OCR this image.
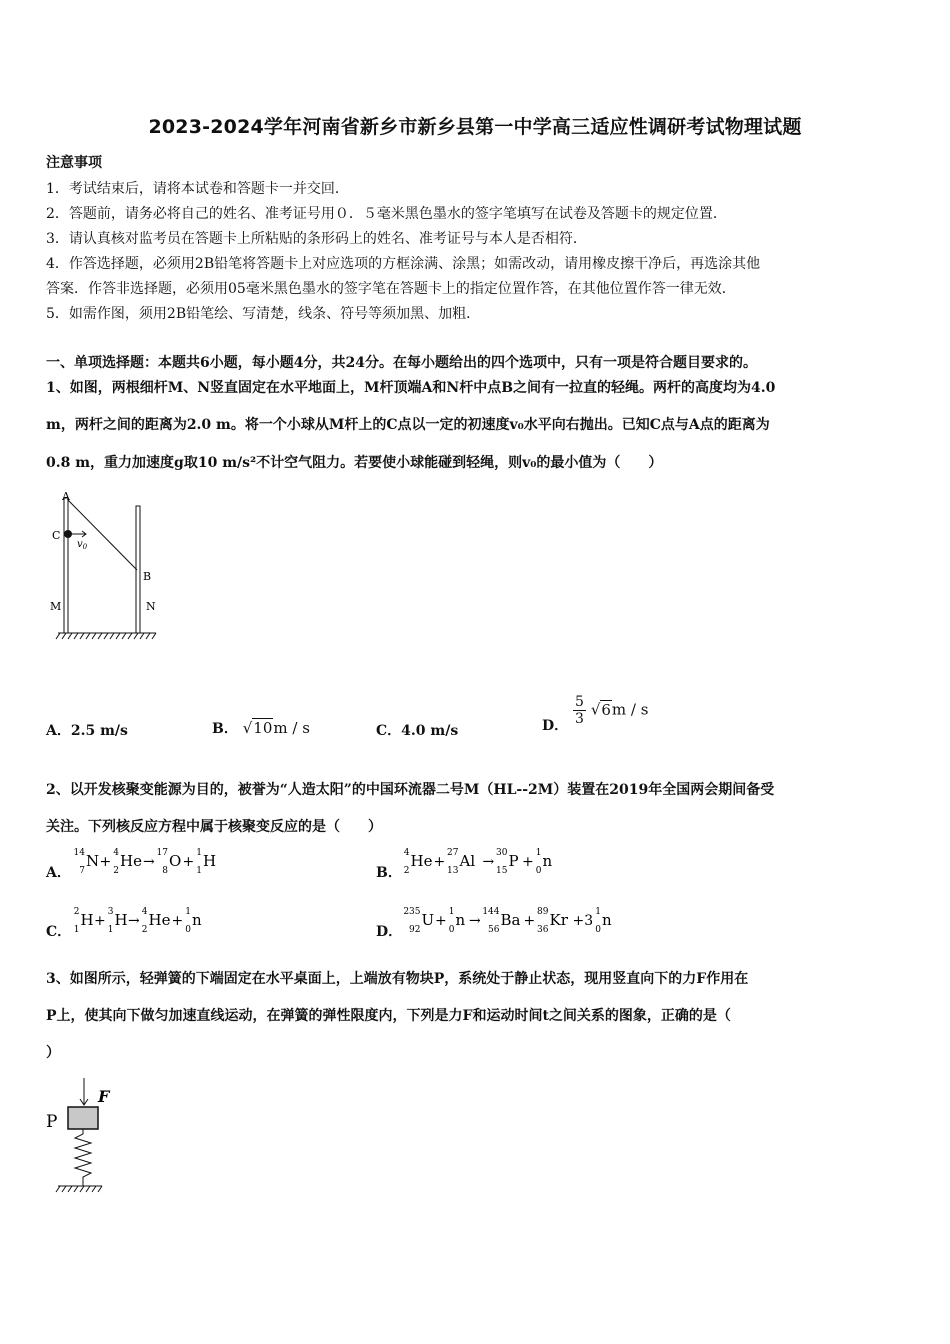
2023-2024学年河南省新乡市新乡县第一中学高三适应性调研考试物理试题
注意事项
1．考试结束后，请将本试卷和答题卡一并交回．
2．答题前，请务必将自己的姓名、准考证号用０．５毫米黑色墨水的签字笔填写在试卷及答题卡的规定位置．
3．请认真核对监考员在答题卡上所粘贴的条形码上的姓名、准考证号与本人是否相符．
4．作答选择题，必须用2B铅笔将答题卡上对应选项的方框涂满、涂黑；如需改动，请用橡皮擦干净后，再选涂其他
答案．作答非选择题，必须用05毫米黑色墨水的签字笔在答题卡上的指定位置作答，在其他位置作答一律无效．
5．如需作图，须用2B铅笔绘、写清楚，线条、符号等须加黑、加粗．
一、单项选择题：本题共6小题，每小题4分，共24分。在每小题给出的四个选项中，只有一项是符合题目要求的。
1、如图，两根细杆M、N竖直固定在水平地面上，M杆顶端A和N杆中点B之间有一拉直的轻绳。两杆的高度均为4.0
m，两杆之间的距离为2.0 m。将一个小球从M杆上的C点以一定的初速度v₀水平向右抛出。已知C点与A点的距离为
0.8 m，重力加速度g取10 m/s²不计空气阻力。若要使小球能碰到轻绳，则v₀的最小值为（　　）
A
C
$v_0$
B
M	N
A．2.5 m/s	B． √10m / s	C．4.0 m/s	D． $\frac{5}{3} √6m$ / s
2、以开发核聚变能源为目的，被誉为“人造太阳”的中国环流器二号M（HL--2M）装置在2019年全国两会期间备受
关注。下列核反应方程中属于核聚变反应的是（　　）
A．	B．
C．	D．
14
7
N +
4
2
He →
17
8
O +
1
1
H	4
2
He +
27
13
Al →
30
15
P +
1
0
n
2
1
H +
3
1
H →
4
2
He +
1
0
n	235
92
U +
1
0
n →
144
56
Ba +
89
36
Kr +3
1
0
n
3、如图所示，轻弹簧的下端固定在水平桌面上，上端放有物块P，系统处于静止状态，现用竖直向下的力F作用在
P上，使其向下做匀加速直线运动，在弹簧的弹性限度内，下列是力F和运动时间t之间关系的图象，正确的是（
）
P
F
